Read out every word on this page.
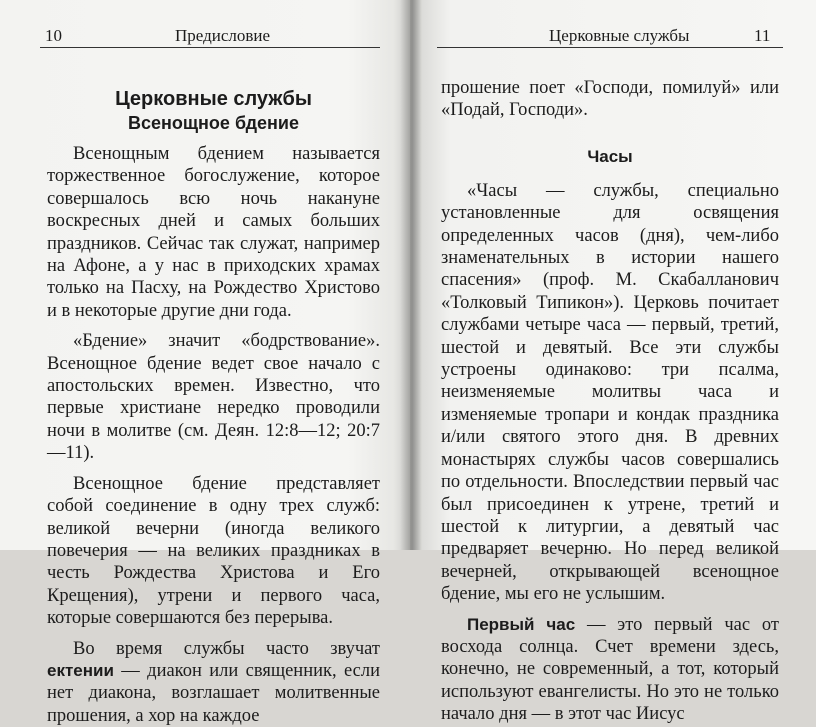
10	Предисловие
Церковные службы
Всенощное бдение

Всенощным бдением называется торжественное богослужение, которое совершалось всю ночь накануне воскресных дней и самых больших праздников. Сейчас так служат, например на Афоне, а у нас в приходских храмах только на Пасху, на Рождество Христово и в некоторые другие дни года.

«Бдение» значит «бодрствование». Всенощное бдение ведет свое начало с апостольских времен. Известно, что первые христиане нередко проводили ночи в молитве (см. Деян. 12:8—12; 20:7—11).

Всенощное бдение представляет собой соединение в одну трех служб: великой вечерни (иногда великого повечерия — на великих праздниках в честь Рождества Христова и Его Крещения), утрени и первого часа, которые совершаются без перерыва.

Во время службы часто звучат ектении — диакон или священник, если нет диакона, возглашает молитвенные прошения, а хор на каждое

Церковные службы	11

прошение поет «Господи, помилуй» или «Подай, Господи».

Часы

«Часы — службы, специально установленные для освящения определенных часов (дня), чем-либо знаменательных в истории нашего спасения» (проф. М. Скабалланович «Толковый Типикон»). Церковь почитает службами четыре часа — первый, третий, шестой и девятый. Все эти службы устроены одинаково: три псалма, неизменяемые молитвы часа и изменяемые тропари и кондак праздника и/или святого этого дня. В древних монастырях службы часов совершались по отдельности. Впоследствии первый час был присоединен к утрене, третий и шестой к литургии, а девятый час предваряет вечерню. Но перед великой вечерней, открывающей всенощное бдение, мы его не услышим.

Первый час — это первый час от восхода солнца. Счет времени здесь, конечно, не современный, а тот, который используют евангелисты. Но это не только начало дня — в этот час Иисус
